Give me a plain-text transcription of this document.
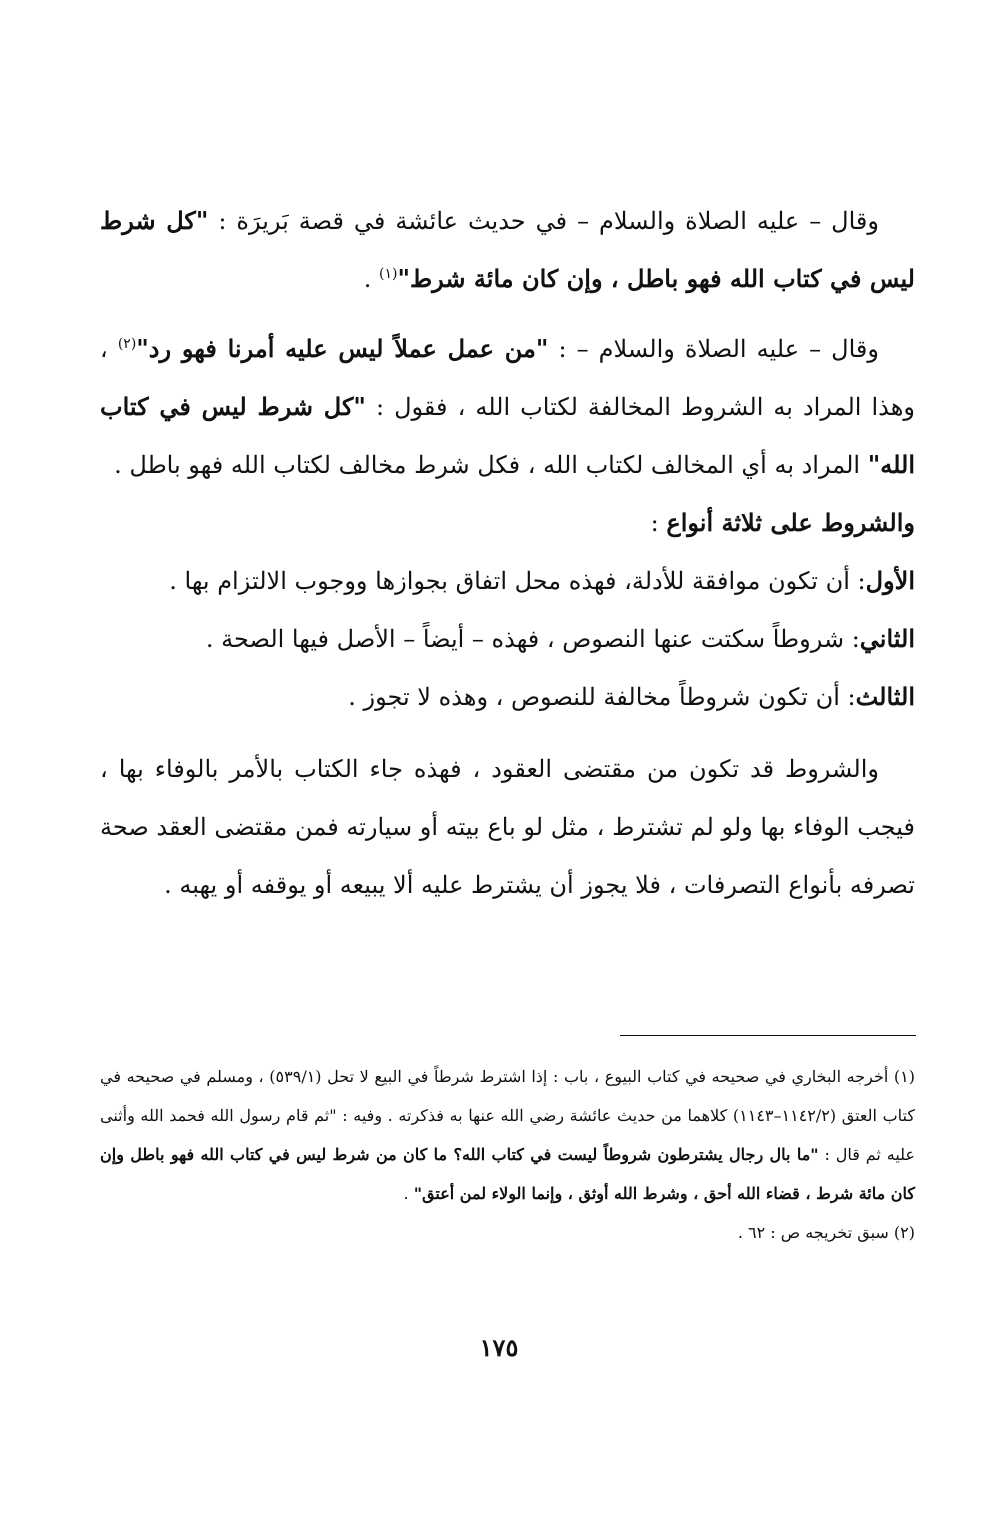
وقال – عليه الصلاة والسلام – في حديث عائشة في قصة بَريرَة : "كل شرط ليس في كتاب الله فهو باطل ، وإن كان مائة شرط"$^{(١)}$ .

وقال – عليه الصلاة والسلام – : "من عمل عملاً ليس عليه أمرنا فهو رد"$^{(٢)}$ ، وهذا المراد به الشروط المخالفة لكتاب الله ، فقول : "كل شرط ليس في كتاب الله" المراد به أي المخالف لكتاب الله ، فكل شرط مخالف لكتاب الله فهو باطل .

والشروط على ثلاثة أنواع :

الأول: أن تكون موافقة للأدلة، فهذه محل اتفاق بجوازها ووجوب الالتزام بها .

الثاني: شروطاً سكتت عنها النصوص ، فهذه – أيضاً – الأصل فيها الصحة .

الثالث: أن تكون شروطاً مخالفة للنصوص ، وهذه لا تجوز .

والشروط قد تكون من مقتضى العقود ، فهذه جاء الكتاب بالأمر بالوفاء بها ، فيجب الوفاء بها ولو لم تشترط ، مثل لو باع بيته أو سيارته فمن مقتضى العقد صحة تصرفه بأنواع التصرفات ، فلا يجوز أن يشترط عليه ألا يبيعه أو يوقفه أو يهبه .

(١) أخرجه البخاري في صحيحه في كتاب البيوع ، باب : إذا اشترط شرطاً في البيع لا تحل (٥٣٩/١) ، ومسلم في صحيحه في كتاب العتق (١١٤٢/٢–١١٤٣) كلاهما من حديث عائشة رضي الله عنها به فذكرته . وفيه : "ثم قام رسول الله فحمد الله وأثنى عليه ثم قال : "ما بال رجال يشترطون شروطاً ليست في كتاب الله؟ ما كان من شرط ليس في كتاب الله فهو باطل وإن كان مائة شرط ، قضاء الله أحق ، وشرط الله أوثق ، وإنما الولاء لمن أعتق" .

(٢) سبق تخريجه ص : ٦٢ .

١٧٥
